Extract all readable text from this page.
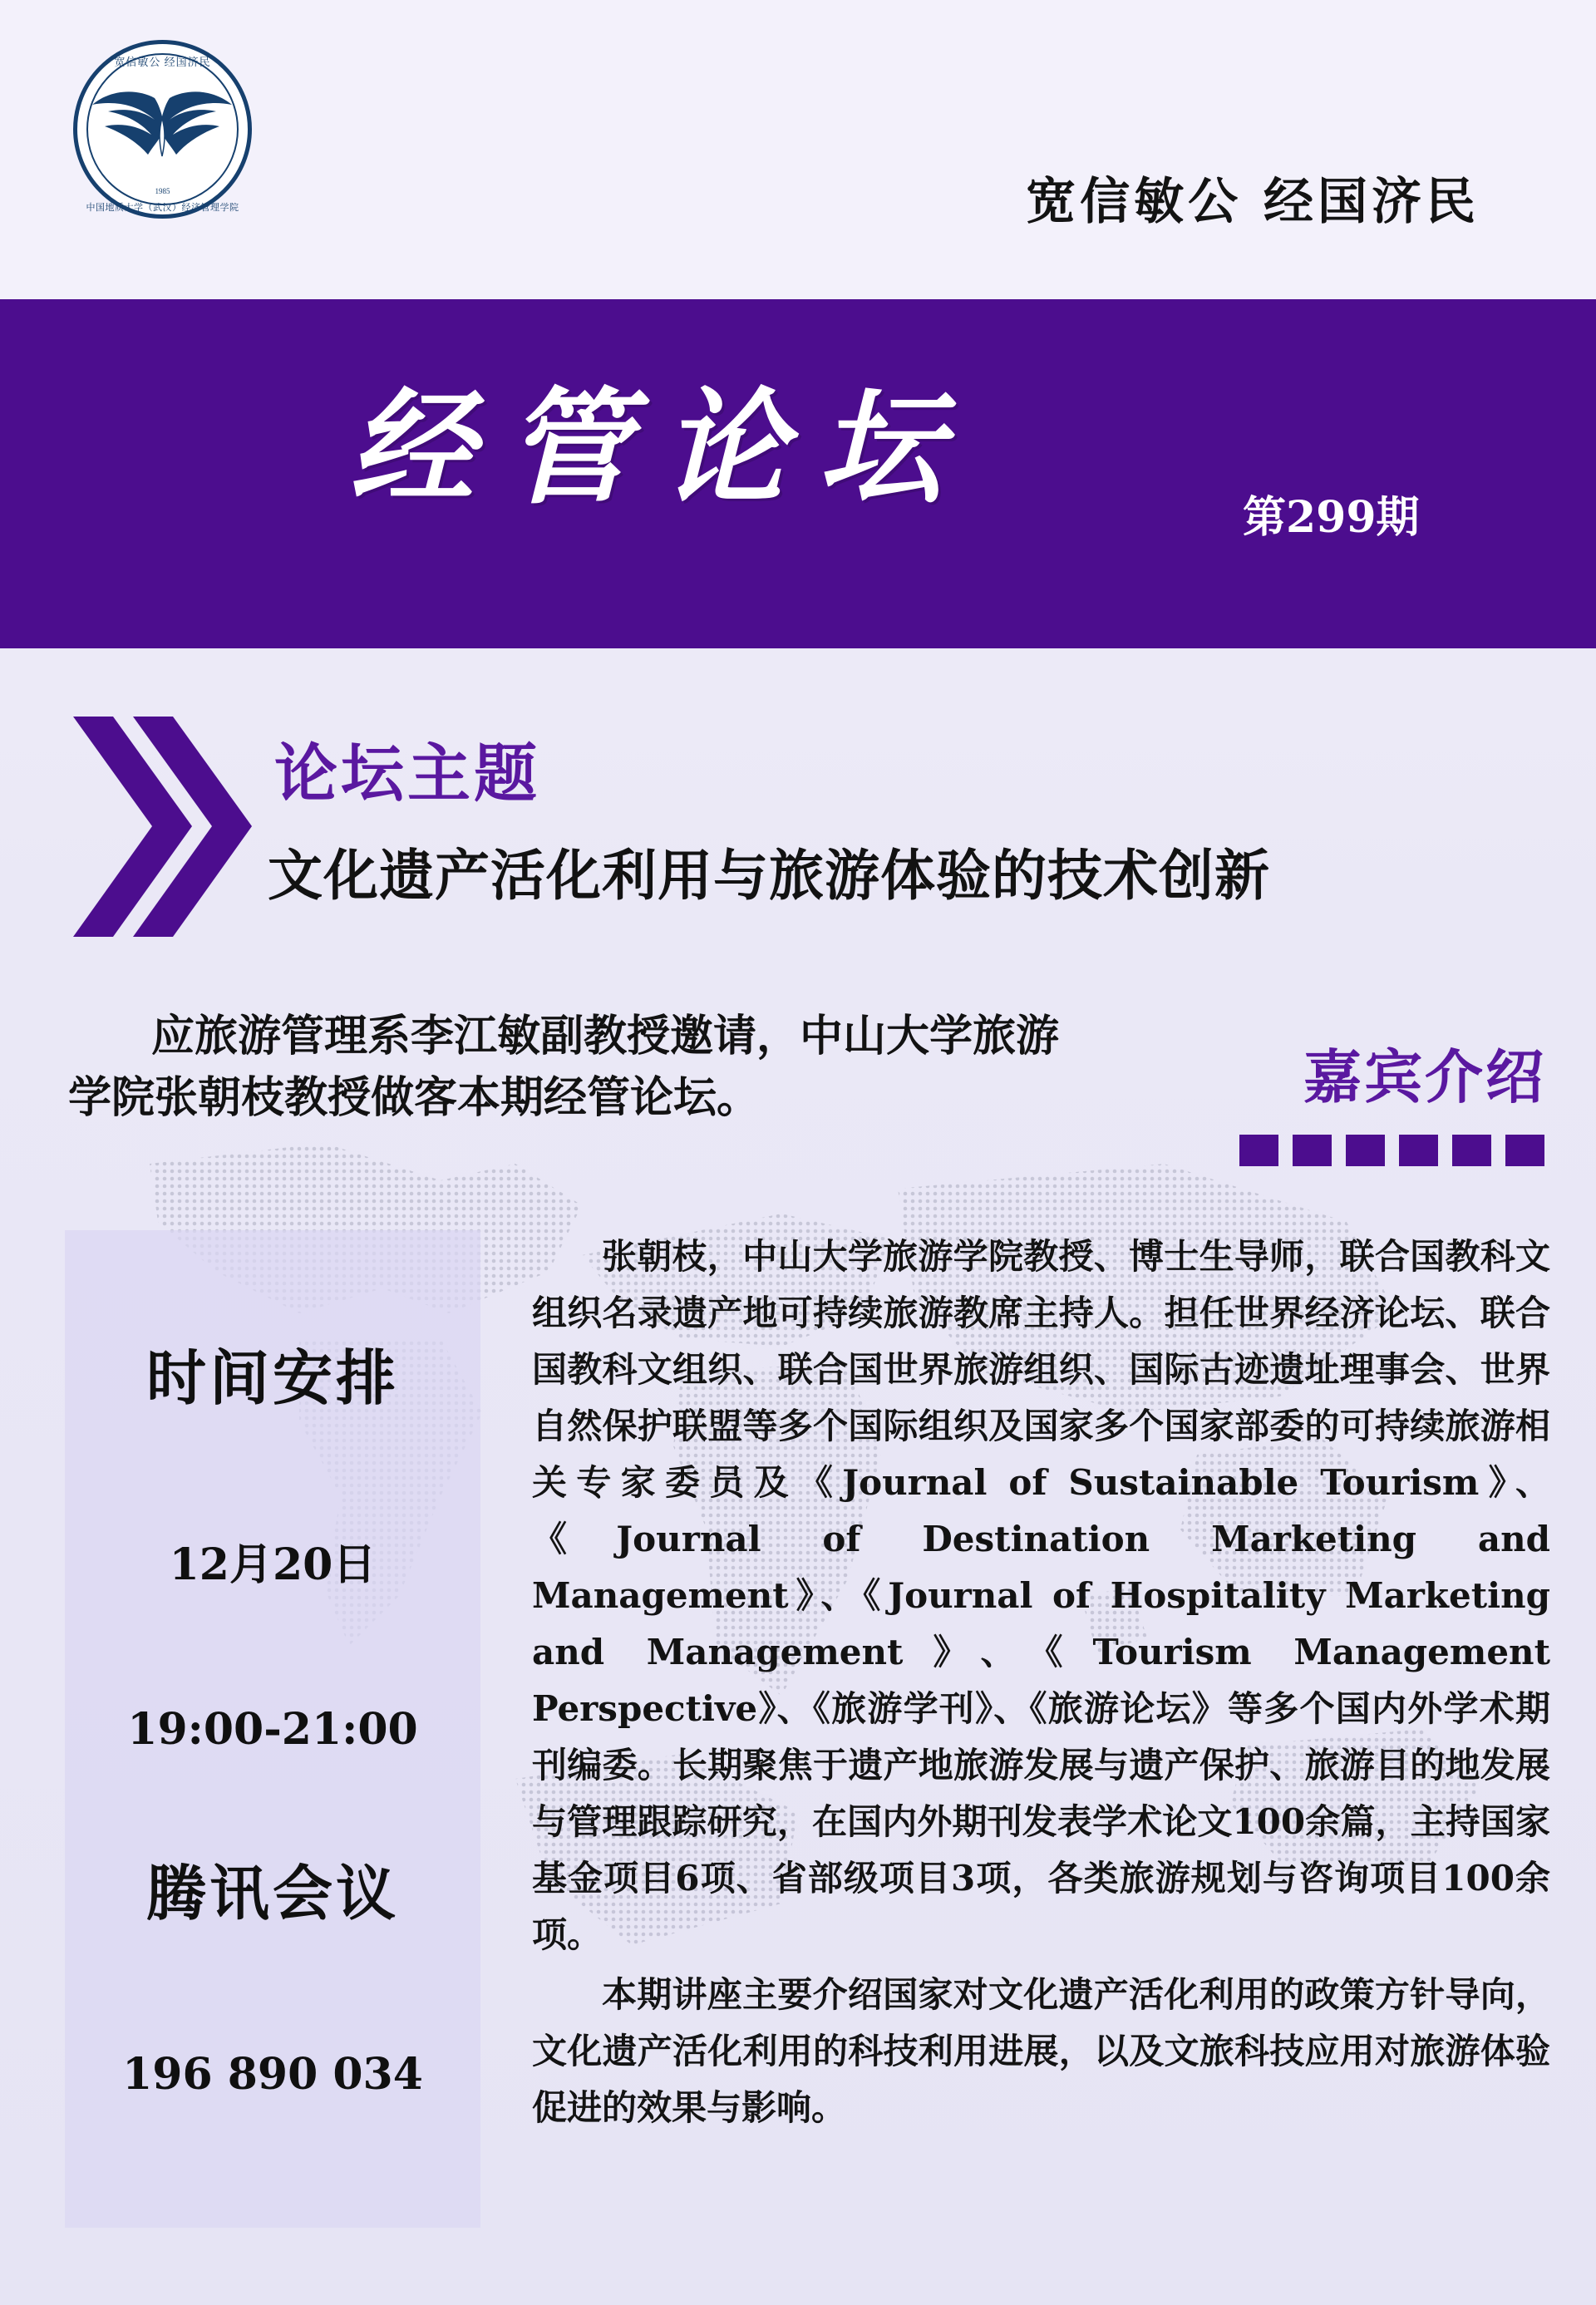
宽信敏公 经国济民
1985
中国地质大学（武汉）经济管理学院	宽信敏公 经国济民
经管论坛	第299期
论坛主题
文化遗产活化利用与旅游体验的技术创新
应旅游管理系李江敏副教授邀请，中山大学旅游学院张朝枝教授做客本期经管论坛。	嘉宾介绍
时间安排
12月20日
19:00-21:00
腾讯会议
196 890 034

张朝枝，中山大学旅游学院教授、博士生导师，联合国教科文组织名录遗产地可持续旅游教席主持人。担任世界经济论坛、联合国教科文组织、联合国世界旅游组织、国际古迹遗址理事会、世界自然保护联盟等多个国际组织及国家多个国家部委的可持续旅游相关专家委员及《Journal of Sustainable Tourism》、《Journal of Destination Marketing and Management》、《Journal of Hospitality Marketing and Management》、《Tourism Management Perspective》、《旅游学刊》、《旅游论坛》等多个国内外学术期刊编委。长期聚焦于遗产地旅游发展与遗产保护、旅游目的地发展与管理跟踪研究，在国内外期刊发表学术论文100余篇，主持国家基金项目6项、省部级项目3项，各类旅游规划与咨询项目100余项。

本期讲座主要介绍国家对文化遗产活化利用的政策方针导向，文化遗产活化利用的科技利用进展，以及文旅科技应用对旅游体验促进的效果与影响。
